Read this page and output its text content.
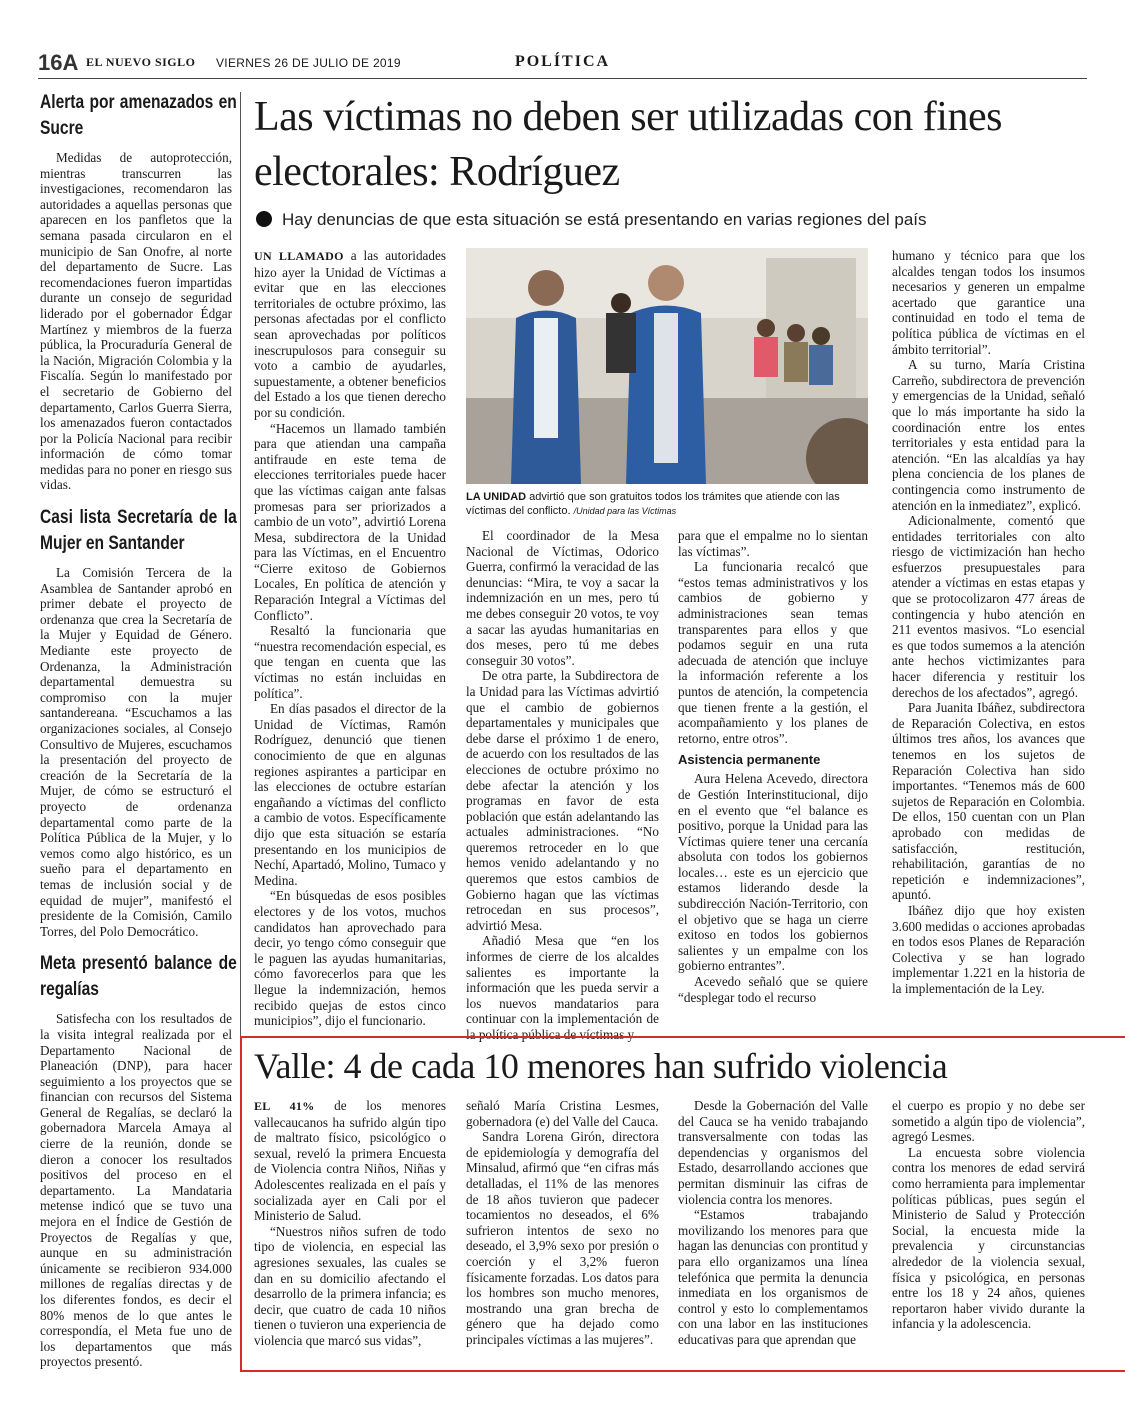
16A EL NUEVO SIGLO VIERNES 26 DE JULIO DE 2019	POLÍTICA
Alerta por amenazados en Sucre

Medidas de autoprotección, mientras transcurren las investigaciones, recomendaron las autoridades a aquellas personas que aparecen en los panfletos que la semana pasada circularon en el municipio de San Onofre, al norte del departamento de Sucre. Las recomendaciones fueron impartidas durante un consejo de seguridad liderado por el gobernador Édgar Martínez y miembros de la fuerza pública, la Procuraduría General de la Nación, Migración Colombia y la Fiscalía. Según lo manifestado por el secretario de Gobierno del departamento, Carlos Guerra Sierra, los amenazados fueron contactados por la Policía Nacional para recibir información de cómo tomar medidas para no poner en riesgo sus vidas.

Casi lista Secretaría de la Mujer en Santander

La Comisión Tercera de la Asamblea de Santander aprobó en primer debate el proyecto de ordenanza que crea la Secretaría de la Mujer y Equidad de Género. Mediante este proyecto de Ordenanza, la Administración departamental demuestra su compromiso con la mujer santandereana. “Escuchamos a las organizaciones sociales, al Consejo Consultivo de Mujeres, escuchamos la presentación del proyecto de creación de la Secretaría de la Mujer, de cómo se estructuró el proyecto de ordenanza departamental como parte de la Política Pública de la Mujer, y lo vemos como algo histórico, es un sueño para el departamento en temas de inclusión social y de equidad de mujer”, manifestó el presidente de la Comisión, Camilo Torres, del Polo Democrático.

Meta presentó balance de regalías

Satisfecha con los resultados de la visita integral realizada por el Departamento Nacional de Planeación (DNP), para hacer seguimiento a los proyectos que se financian con recursos del Sistema General de Regalías, se declaró la gobernadora Marcela Amaya al cierre de la reunión, donde se dieron a conocer los resultados positivos del proceso en el departamento. La Mandataria metense indicó que se tuvo una mejora en el Índice de Gestión de Proyectos de Regalías y que, aunque en su administración únicamente se recibieron 934.000 millones de regalías directas y de los diferentes fondos, es decir el 80% menos de lo que antes le correspondía, el Meta fue uno de los departamentos que más proyectos presentó.

Las víctimas no deben ser utilizadas con fines electorales: Rodríguez
Hay denuncias de que esta situación se está presentando en varias regiones del país

UN LLAMADO a las autoridades hizo ayer la Unidad de Víctimas a evitar que en las elecciones territoriales de octubre próximo, las personas afectadas por el conflicto sean aprovechadas por políticos inescrupulosos para conseguir su voto a cambio de ayudarles, supuestamente, a obtener beneficios del Estado a los que tienen derecho por su condición.

“Hacemos un llamado también para que atiendan una campaña antifraude en este tema de elecciones territoriales puede hacer que las víctimas caigan ante falsas promesas para ser priorizados a cambio de un voto”, advirtió Lorena Mesa, subdirectora de la Unidad para las Víctimas, en el Encuentro “Cierre exitoso de Gobiernos Locales, En política de atención y Reparación Integral a Víctimas del Conflicto”.

Resaltó la funcionaria que “nuestra recomendación especial, es que tengan en cuenta que las víctimas no están incluidas en política”.

En días pasados el director de la Unidad de Víctimas, Ramón Rodríguez, denunció que tienen conocimiento de que en algunas regiones aspirantes a participar en las elecciones de octubre estarían engañando a víctimas del conflicto a cambio de votos. Específicamente dijo que esta situación se estaría presentando en los municipios de Nechí, Apartadó, Molino, Tumaco y Medina.

“En búsquedas de esos posibles electores y de los votos, muchos candidatos han aprovechado para decir, yo tengo cómo conseguir que le paguen las ayudas humanitarias, cómo favorecerlos para que les llegue la indemnización, hemos recibido quejas de estos cinco municipios”, dijo el funcionario.

LA UNIDAD advirtió que son gratuitos todos los trámites que atiende con las víctimas del conflicto. /Unidad para las Víctimas

El coordinador de la Mesa Nacional de Víctimas, Odorico Guerra, confirmó la veracidad de las denuncias: “Mira, te voy a sacar la indemnización en un mes, pero tú me debes conseguir 20 votos, te voy a sacar las ayudas humanitarias en dos meses, pero tú me debes conseguir 30 votos”.

De otra parte, la Subdirectora de la Unidad para las Víctimas advirtió que el cambio de gobiernos departamentales y municipales que debe darse el próximo 1 de enero, de acuerdo con los resultados de las elecciones de octubre próximo no debe afectar la atención y los programas en favor de esta población que están adelantando las actuales administraciones. “No queremos retroceder en lo que hemos venido adelantando y no queremos que estos cambios de Gobierno hagan que las víctimas retrocedan en sus procesos”, advirtió Mesa.

Añadió Mesa que “en los informes de cierre de los alcaldes salientes es importante la información que les pueda servir a los nuevos mandatarios para continuar con la implementación de la política pública de víctimas y

para que el empalme no lo sientan las víctimas”.

La funcionaria recalcó que “estos temas administrativos y los cambios de gobierno y administraciones sean temas transparentes para ellos y que podamos seguir en una ruta adecuada de atención que incluye la información referente a los puntos de atención, la competencia que tienen frente a la gestión, el acompañamiento y los planes de retorno, entre otros”.

Asistencia permanente

Aura Helena Acevedo, directora de Gestión Interinstitucional, dijo en el evento que “el balance es positivo, porque la Unidad para las Víctimas quiere tener una cercanía absoluta con todos los gobiernos locales… este es un ejercicio que estamos liderando desde la subdirección Nación-Territorio, con el objetivo que se haga un cierre exitoso en todos los gobiernos salientes y un empalme con los gobierno entrantes”.

Acevedo señaló que se quiere “desplegar todo el recurso

humano y técnico para que los alcaldes tengan todos los insumos necesarios y generen un empalme acertado que garantice una continuidad en todo el tema de política pública de víctimas en el ámbito territorial”.

A su turno, María Cristina Carreño, subdirectora de prevención y emergencias de la Unidad, señaló que lo más importante ha sido la coordinación entre los entes territoriales y esta entidad para la atención. “En las alcaldías ya hay plena conciencia de los planes de contingencia como instrumento de atención en la inmediatez”, explicó.

Adicionalmente, comentó que entidades territoriales con alto riesgo de victimización han hecho esfuerzos presupuestales para atender a víctimas en estas etapas y que se protocolizaron 477 áreas de contingencia y hubo atención en 211 eventos masivos. “Lo esencial es que todos sumemos a la atención ante hechos victimizantes para hacer diferencia y restituir los derechos de los afectados”, agregó.

Para Juanita Ibáñez, subdirectora de Reparación Colectiva, en estos últimos tres años, los avances que tenemos en los sujetos de Reparación Colectiva han sido importantes. “Tenemos más de 600 sujetos de Reparación en Colombia. De ellos, 150 cuentan con un Plan aprobado con medidas de satisfacción, restitución, rehabilitación, garantías de no repetición e indemnizaciones”, apuntó.

Ibáñez dijo que hoy existen 3.600 medidas o acciones aprobadas en todos esos Planes de Reparación Colectiva y se han logrado implementar 1.221 en la historia de la implementación de la Ley.

Valle: 4 de cada 10 menores han sufrido violencia

EL 41% de los menores vallecaucanos ha sufrido algún tipo de maltrato físico, psicológico o sexual, reveló la primera Encuesta de Violencia contra Niños, Niñas y Adolescentes realizada en el país y socializada ayer en Cali por el Ministerio de Salud.

“Nuestros niños sufren de todo tipo de violencia, en especial las agresiones sexuales, las cuales se dan en su domicilio afectando el desarrollo de la primera infancia; es decir, que cuatro de cada 10 niños tienen o tuvieron una experiencia de violencia que marcó sus vidas”,

señaló María Cristina Lesmes, gobernadora (e) del Valle del Cauca.

Sandra Lorena Girón, directora de epidemiología y demografía del Minsalud, afirmó que “en cifras más detalladas, el 11% de las menores de 18 años tuvieron que padecer tocamientos no deseados, el 6% sufrieron intentos de sexo no deseado, el 3,9% sexo por presión o coerción y el 3,2% fueron físicamente forzadas. Los datos para los hombres son mucho menores, mostrando una gran brecha de género que ha dejado como principales víctimas a las mujeres”.

Desde la Gobernación del Valle del Cauca se ha venido trabajando transversalmente con todas las dependencias y organismos del Estado, desarrollando acciones que permitan disminuir las cifras de violencia contra los menores.

“Estamos trabajando movilizando los menores para que hagan las denuncias con prontitud y para ello organizamos una línea telefónica que permita la denuncia inmediata en los organismos de control y esto lo complementamos con una labor en las instituciones educativas para que aprendan que

el cuerpo es propio y no debe ser sometido a algún tipo de violencia”, agregó Lesmes.

La encuesta sobre violencia contra los menores de edad servirá como herramienta para implementar políticas públicas, pues según el Ministerio de Salud y Protección Social, la encuesta mide la prevalencia y circunstancias alrededor de la violencia sexual, física y psicológica, en personas entre los 18 y 24 años, quienes reportaron haber vivido durante la infancia y la adolescencia.
